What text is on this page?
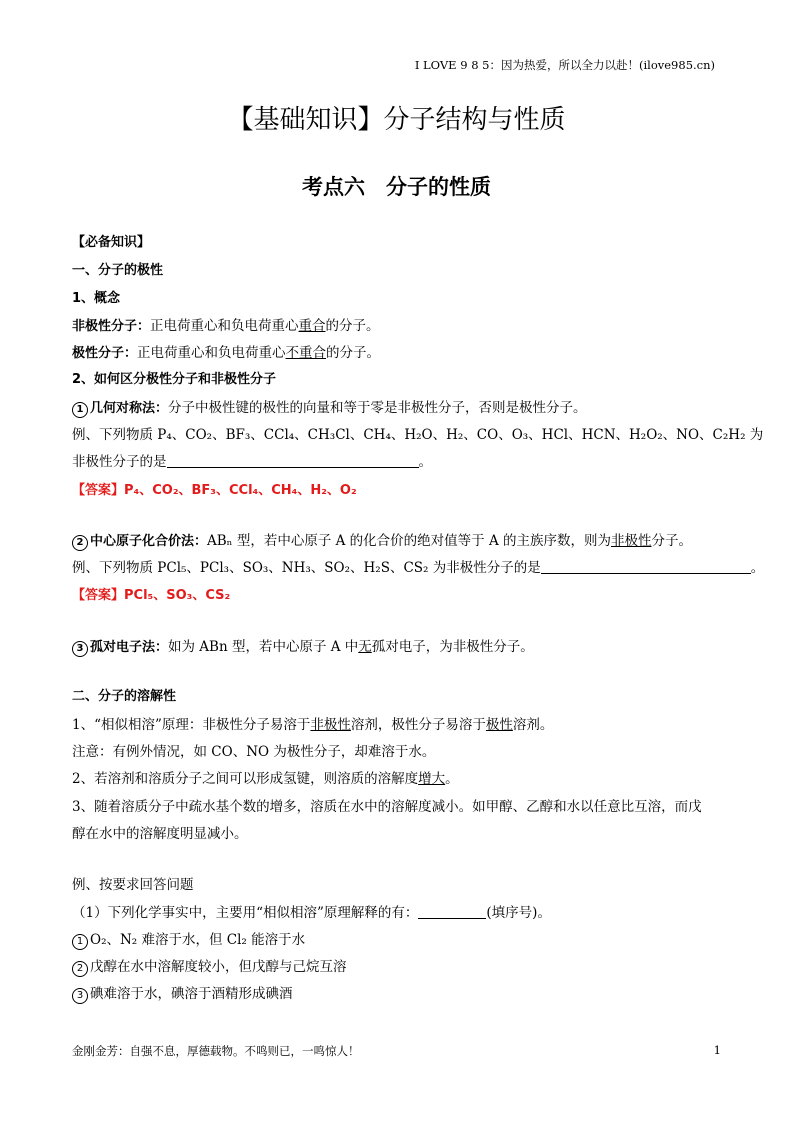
I LOVE 9 8 5：因为热爱，所以全力以赴！(ilove985.cn)
【基础知识】分子结构与性质
考点六　分子的性质
【必备知识】
一、分子的极性
1、概念
非极性分子：正电荷重心和负电荷重心重合的分子。
极性分子：正电荷重心和负电荷重心不重合的分子。
2、如何区分极性分子和非极性分子
1 几何对称法：分子中极性键的极性的向量和等于零是非极性分子，否则是极性分子。
例、下列物质 P₄、CO₂、BF₃、CCl₄、CH₃Cl、CH₄、H₂O、H₂、CO、O₃、HCl、HCN、H₂O₂、NO、C₂H₂ 为
非极性分子的是	。
【答案】P₄、CO₂、BF₃、CCl₄、CH₄、H₂、O₂
2 中心原子化合价法：ABₙ 型，若中心原子 A 的化合价的绝对值等于 A 的主族序数，则为非极性分子。
例、下列物质 PCl₅、PCl₃、SO₃、NH₃、SO₂、H₂S、CS₂ 为非极性分子的是	。
【答案】PCl₅、SO₃、CS₂
3 孤对电子法：如为 ABn 型，若中心原子 A 中无孤对电子，为非极性分子。
二、分子的溶解性
1、“相似相溶”原理：非极性分子易溶于非极性溶剂，极性分子易溶于极性溶剂。
注意：有例外情况，如 CO、NO 为极性分子，却难溶于水。
2、若溶剂和溶质分子之间可以形成氢键，则溶质的溶解度增大。
3、随着溶质分子中疏水基个数的增多，溶质在水中的溶解度减小。如甲醇、乙醇和水以任意比互溶，而戊
醇在水中的溶解度明显减小。
例、按要求回答问题
（1）下列化学事实中，主要用“相似相溶”原理解释的有：	(填序号)。
1 O₂、N₂ 难溶于水，但 Cl₂ 能溶于水
2 戊醇在水中溶解度较小，但戊醇与己烷互溶
3 碘难溶于水，碘溶于酒精形成碘酒
金刚金芳：自强不息，厚德载物。不鸣则已，一鸣惊人！	1
